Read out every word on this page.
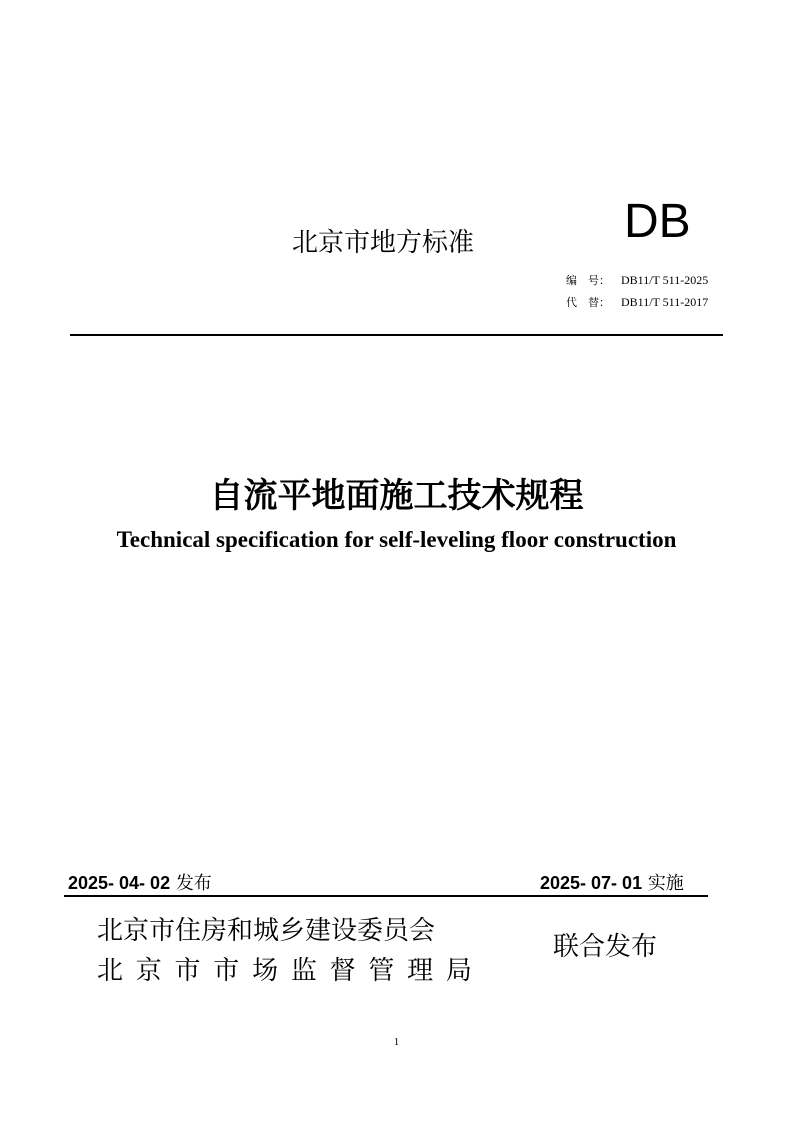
北京市地方标准	DB
编　号： DB11/T 511-2025
代　替： DB11/T 511-2017
自流平地面施工技术规程
Technical specification for self-leveling floor construction
2025- 04- 02 发布	2025- 07- 01 实施
北京市住房和城乡建设委员会
北 京 市 市 场 监 督 管 理 局
联合发布
1
